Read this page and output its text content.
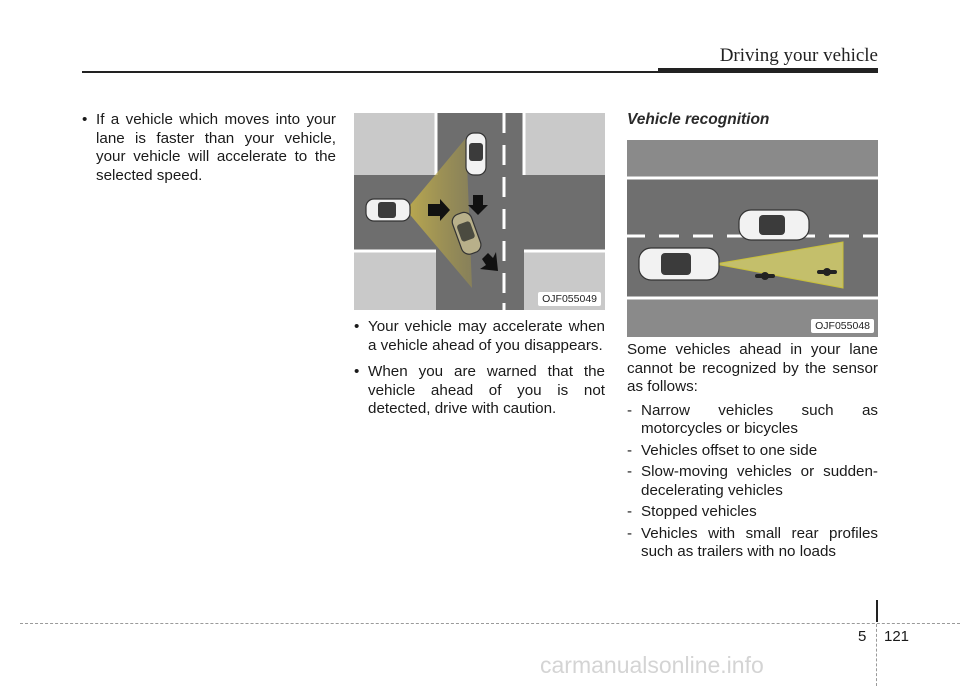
Driving your vehicle

• If a vehicle which moves into your lane is faster than your vehicle, your vehicle will accelerate to the selected speed.

OJF055049

• Your vehicle may accelerate when a vehicle ahead of you disappears.

• When you are warned that the vehicle ahead of you is not detected, drive with caution.

Vehicle recognition
OJF055048

Some vehicles ahead in your lane cannot be recognized by the sensor as follows:

- Narrow vehicles such as motorcycles or bicycles

- Vehicles offset to one side

- Slow-moving vehicles or sudden-decelerating vehicles

- Stopped vehicles

- Vehicles with small rear profiles such as trailers with no loads

5 121
carmanualsonline.info
